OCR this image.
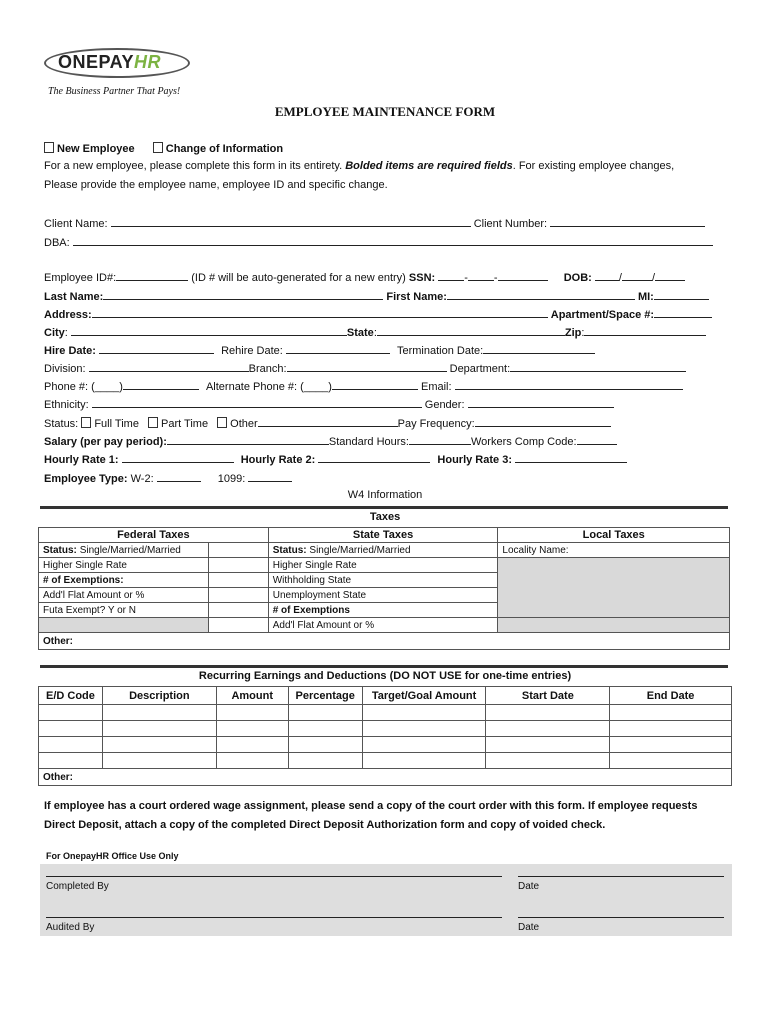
ONEPAYHR
The Business Partner That Pays!
EMPLOYEE MAINTENANCE FORM
New Employee	Change of Information
For a new employee, please complete this form in its entirety. Bolded items are required fields. For existing employee changes,
Please provide the employee name, employee ID and specific change.
Client Name:	Client Number:
DBA:
Employee ID#:	(ID # will be auto-generated for a new entry) SSN:	- -	DOB: /	/
Last Name:	First Name:	MI:
Address:	Apartment/Space #:
City:	State:	Zip:
Hire Date:	Rehire Date:	Termination Date:
Division:	Branch:	Department:
Phone #: (____)	Alternate Phone #: (____)	Email:
Ethnicity:	Gender:
Status: Full Time Part Time Other	Pay Frequency:
Salary (per pay period):	Standard Hours:	Workers Comp Code:
Hourly Rate 1:	Hourly Rate 2:	Hourly Rate 3:
Employee Type: W-2:	1099:
W4 Information
Taxes
Federal Taxes		State Taxes	Local Taxes
Status: Single/Married/Married		Status: Single/Married/Married	Locality Name:
Higher Single Rate		Higher Single Rate	
# of Exemptions:		Withholding State	
Add'l Flat Amount or %		Unemployment State	
Futa Exempt? Y or N		# of Exemptions	
		Add'l Flat Amount or %	
Other:			
Recurring Earnings and Deductions (DO NOT USE for one-time entries)
E/D Code	Description	Amount	Percentage	Target/Goal Amount	Start Date	End Date

Other:						
If employee has a court ordered wage assignment, please send a copy of the court order with this form. If employee requests
Direct Deposit, attach a copy of the completed Direct Deposit Authorization form and copy of voided check.
For OnepayHR Office Use Only
Completed By	Date
Audited By	Date
